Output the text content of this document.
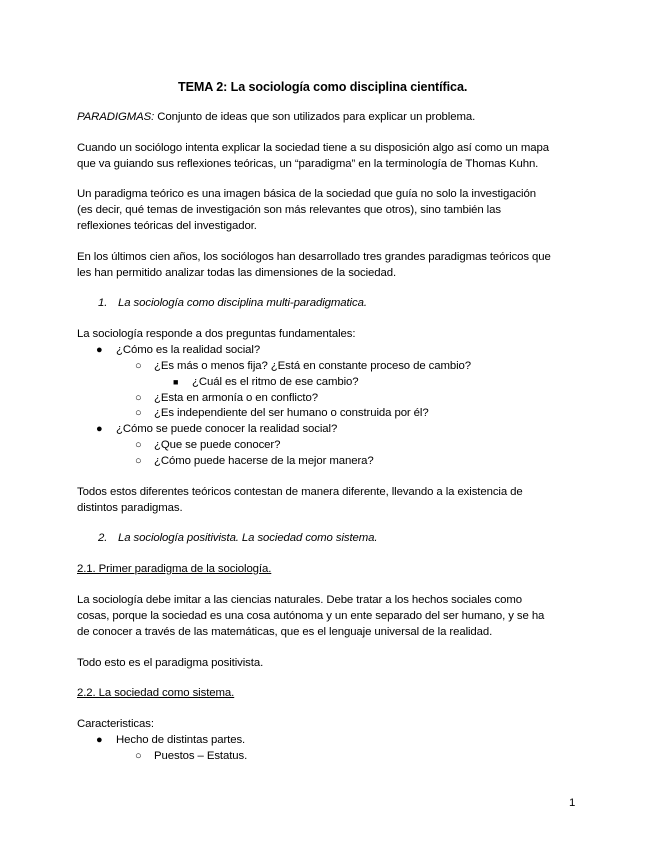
TEMA 2: La sociología como disciplina científica.
PARADIGMAS: Conjunto de ideas que son utilizados para explicar un problema.
Cuando un sociólogo intenta explicar la sociedad tiene a su disposición algo así como un mapa
que va guiando sus reflexiones teóricas, un “paradigma” en la terminología de Thomas Kuhn.
Un paradigma teórico es una imagen básica de la sociedad que guía no solo la investigación
(es decir, qué temas de investigación son más relevantes que otros), sino también las
reflexiones teóricas del investigador.
En los últimos cien años, los sociólogos han desarrollado tres grandes paradigmas teóricos que
les han permitido analizar todas las dimensiones de la sociedad.
1. La sociología como disciplina multi-paradigmatica.
La sociología responde a dos preguntas fundamentales:
● ¿Cómo es la realidad social?
○ ¿Es más o menos fija? ¿Está en constante proceso de cambio?
■ ¿Cuál es el ritmo de ese cambio?
○ ¿Esta en armonía o en conflicto?
○ ¿Es independiente del ser humano o construida por él?
● ¿Cómo se puede conocer la realidad social?
○ ¿Que se puede conocer?
○ ¿Cómo puede hacerse de la mejor manera?
Todos estos diferentes teóricos contestan de manera diferente, llevando a la existencia de
distintos paradigmas.
2. La sociología positivista. La sociedad como sistema.
2.1. Primer paradigma de la sociología.
La sociología debe imitar a las ciencias naturales. Debe tratar a los hechos sociales como
cosas, porque la sociedad es una cosa autónoma y un ente separado del ser humano, y se ha
de conocer a través de las matemáticas, que es el lenguaje universal de la realidad.
Todo esto es el paradigma positivista.
2.2. La sociedad como sistema.
Caracteristicas:
● Hecho de distintas partes.
○ Puestos – Estatus.
1
